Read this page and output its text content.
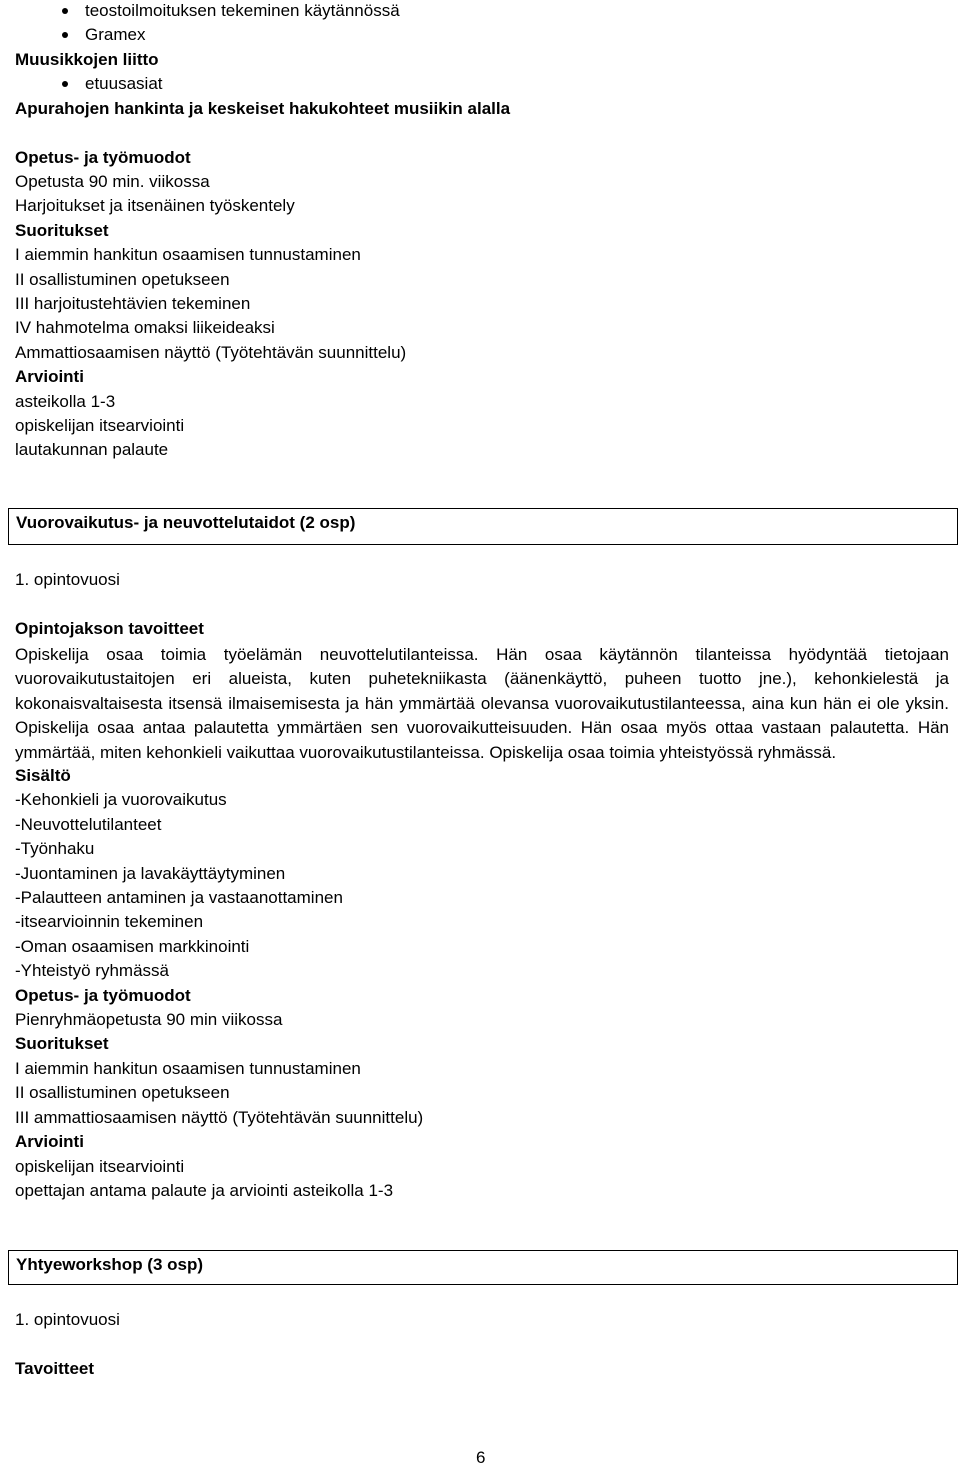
teostoilmoituksen tekeminen käytännössä
Gramex
Muusikkojen liitto
etuusasiat
Apurahojen hankinta ja keskeiset hakukohteet musiikin alalla
Opetus- ja työmuodot
Opetusta 90 min. viikossa
Harjoitukset ja itsenäinen työskentely
Suoritukset
I aiemmin hankitun osaamisen tunnustaminen
II osallistuminen opetukseen
III harjoitustehtävien tekeminen
IV hahmotelma omaksi liikeideaksi
Ammattiosaamisen näyttö (Työtehtävän suunnittelu)
Arviointi
asteikolla 1-3
opiskelijan itsearviointi
lautakunnan palaute
Vuorovaikutus- ja neuvottelutaidot (2 osp)
1. opintovuosi
Opintojakson tavoitteet
Opiskelija osaa toimia työelämän neuvottelutilanteissa. Hän osaa käytännön tilanteissa hyödyntää tietojaan vuorovaikutustaitojen eri alueista, kuten puhetekniikasta (äänenkäyttö, puheen tuotto jne.), kehonkielestä ja kokonaisvaltaisesta itsensä ilmaisemisesta ja hän ymmärtää olevansa vuorovaikutustilanteessa, aina kun hän ei ole yksin. Opiskelija osaa antaa palautetta ymmärtäen sen vuorovaikutteisuuden. Hän osaa myös ottaa vastaan palautetta. Hän ymmärtää, miten kehonkieli vaikuttaa vuorovaikutustilanteissa. Opiskelija osaa toimia yhteistyössä ryhmässä.
Sisältö
-Kehonkieli ja vuorovaikutus
-Neuvottelutilanteet
-Työnhaku
-Juontaminen ja lavakäyttäytyminen
-Palautteen antaminen ja vastaanottaminen
-itsearvioinnin tekeminen
-Oman osaamisen markkinointi
-Yhteistyö ryhmässä
Opetus- ja työmuodot
Pienryhmäopetusta 90 min viikossa
Suoritukset
I aiemmin hankitun osaamisen tunnustaminen
II osallistuminen opetukseen
III ammattiosaamisen näyttö (Työtehtävän suunnittelu)
Arviointi
opiskelijan itsearviointi
opettajan antama palaute ja arviointi asteikolla 1-3
Yhtyeworkshop (3 osp)
1. opintovuosi
Tavoitteet
6
